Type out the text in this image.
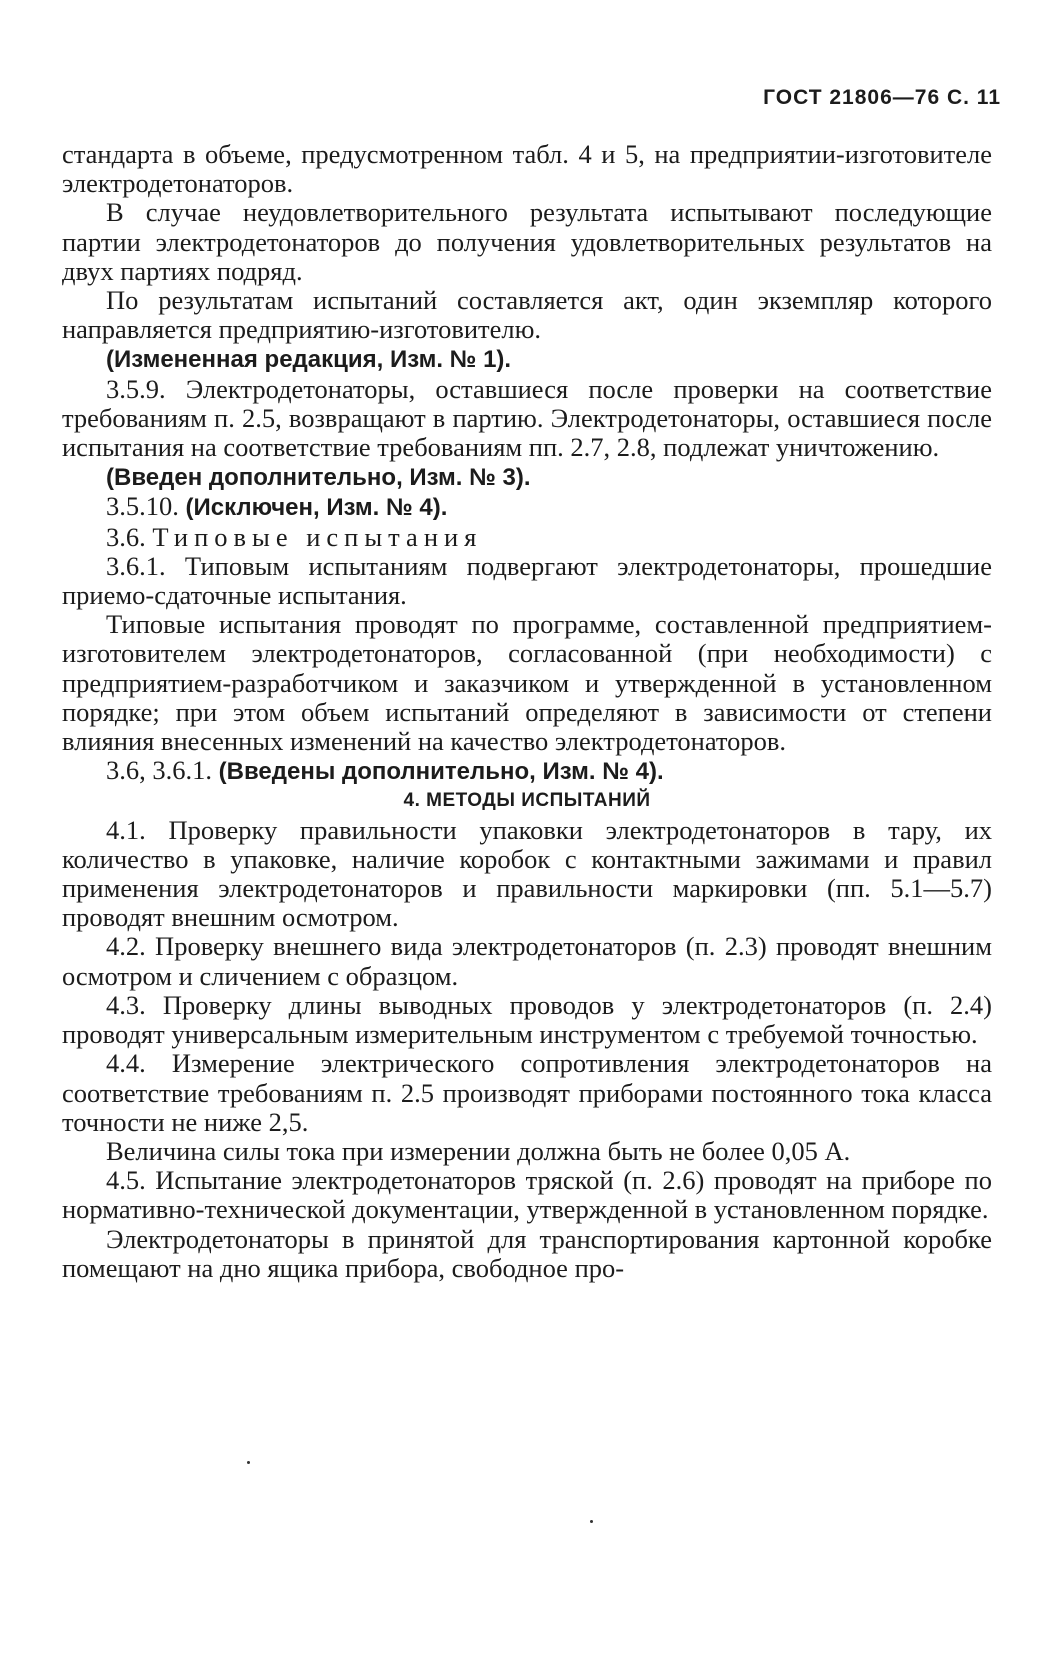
ГОСТ 21806—76 С. 11

стандарта в объеме, предусмотренном табл. 4 и 5, на предприятии-изготовителе электродетонаторов.

В случае неудовлетворительного результата испытывают последующие партии электродетонаторов до получения удовлетворительных результатов на двух партиях подряд.

По результатам испытаний составляется акт, один экземпляр которого направляется предприятию-изготовителю.

(Измененная редакция, Изм. № 1).

3.5.9. Электродетонаторы, оставшиеся после проверки на соответствие требованиям п. 2.5, возвращают в партию. Электродетонаторы, оставшиеся после испытания на соответствие требованиям пп. 2.7, 2.8, подлежат уничтожению.

(Введен дополнительно, Изм. № 3).

3.5.10. (Исключен, Изм. № 4).

3.6. Типовые испытания

3.6.1. Типовым испытаниям подвергают электродетонаторы, прошедшие приемо-сдаточные испытания.

Типовые испытания проводят по программе, составленной предприятием-изготовителем электродетонаторов, согласованной (при необходимости) с предприятием-разработчиком и заказчиком и утвержденной в установленном порядке; при этом объем испытаний определяют в зависимости от степени влияния внесенных изменений на качество электродетонаторов.

3.6, 3.6.1. (Введены дополнительно, Изм. № 4).

4. МЕТОДЫ ИСПЫТАНИЙ

4.1. Проверку правильности упаковки электродетонаторов в тару, их количество в упаковке, наличие коробок с контактными зажимами и правил применения электродетонаторов и правильности маркировки (пп. 5.1—5.7) проводят внешним осмотром.

4.2. Проверку внешнего вида электродетонаторов (п. 2.3) проводят внешним осмотром и сличением с образцом.

4.3. Проверку длины выводных проводов у электродетонаторов (п. 2.4) проводят универсальным измерительным инструментом с требуемой точностью.

4.4. Измерение электрического сопротивления электродетонаторов на соответствие требованиям п. 2.5 производят приборами постоянного тока класса точности не ниже 2,5.

Величина силы тока при измерении должна быть не более 0,05 А.

4.5. Испытание электродетонаторов тряской (п. 2.6) проводят на приборе по нормативно-технической документации, утвержденной в установленном порядке.

Электродетонаторы в принятой для транспортирования картонной коробке помещают на дно ящика прибора, свободное про-
